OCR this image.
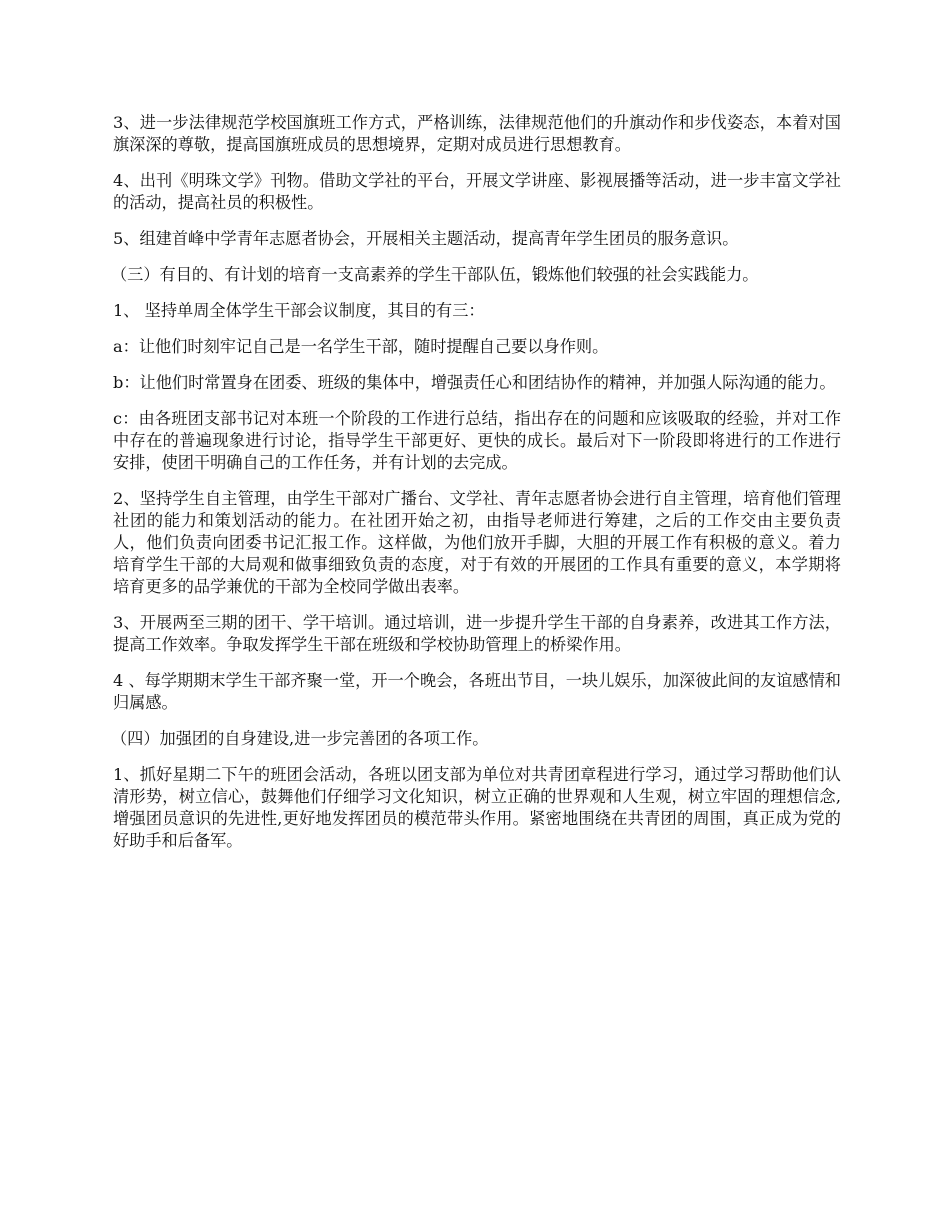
3、进一步法律规范学校国旗班工作方式，严格训练，法律规范他们的升旗动作和步伐姿态，本着对国旗深深的尊敬，提高国旗班成员的思想境界，定期对成员进行思想教育。

4、出刊《明珠文学》刊物。借助文学社的平台，开展文学讲座、影视展播等活动，进一步丰富文学社的活动，提高社员的积极性。

5、组建首峰中学青年志愿者协会，开展相关主题活动，提高青年学生团员的服务意识。

（三）有目的、有计划的培育一支高素养的学生干部队伍，锻炼他们较强的社会实践能力。

1、 坚持单周全体学生干部会议制度，其目的有三：

a：让他们时刻牢记自己是一名学生干部，随时提醒自己要以身作则。

b：让他们时常置身在团委、班级的集体中，增强责任心和团结协作的精神，并加强人际沟通的能力。

c：由各班团支部书记对本班一个阶段的工作进行总结，指出存在的问题和应该吸取的经验，并对工作中存在的普遍现象进行讨论，指导学生干部更好、更快的成长。最后对下一阶段即将进行的工作进行安排，使团干明确自己的工作任务，并有计划的去完成。

2、坚持学生自主管理，由学生干部对广播台、文学社、青年志愿者协会进行自主管理，培育他们管理社团的能力和策划活动的能力。在社团开始之初，由指导老师进行筹建，之后的工作交由主要负责人，他们负责向团委书记汇报工作。这样做，为他们放开手脚，大胆的开展工作有积极的意义。着力培育学生干部的大局观和做事细致负责的态度，对于有效的开展团的工作具有重要的意义，本学期将培育更多的品学兼优的干部为全校同学做出表率。

3、开展两至三期的团干、学干培训。通过培训，进一步提升学生干部的自身素养，改进其工作方法，提高工作效率。争取发挥学生干部在班级和学校协助管理上的桥梁作用。

4 、每学期期末学生干部齐聚一堂，开一个晚会，各班出节目，一块儿娱乐，加深彼此间的友谊感情和归属感。

（四）加强团的自身建设,进一步完善团的各项工作。

1、抓好星期二下午的班团会活动，各班以团支部为单位对共青团章程进行学习，通过学习帮助他们认清形势，树立信心，鼓舞他们仔细学习文化知识，树立正确的世界观和人生观，树立牢固的理想信念,增强团员意识的先进性,更好地发挥团员的模范带头作用。紧密地围绕在共青团的周围，真正成为党的好助手和后备军。
